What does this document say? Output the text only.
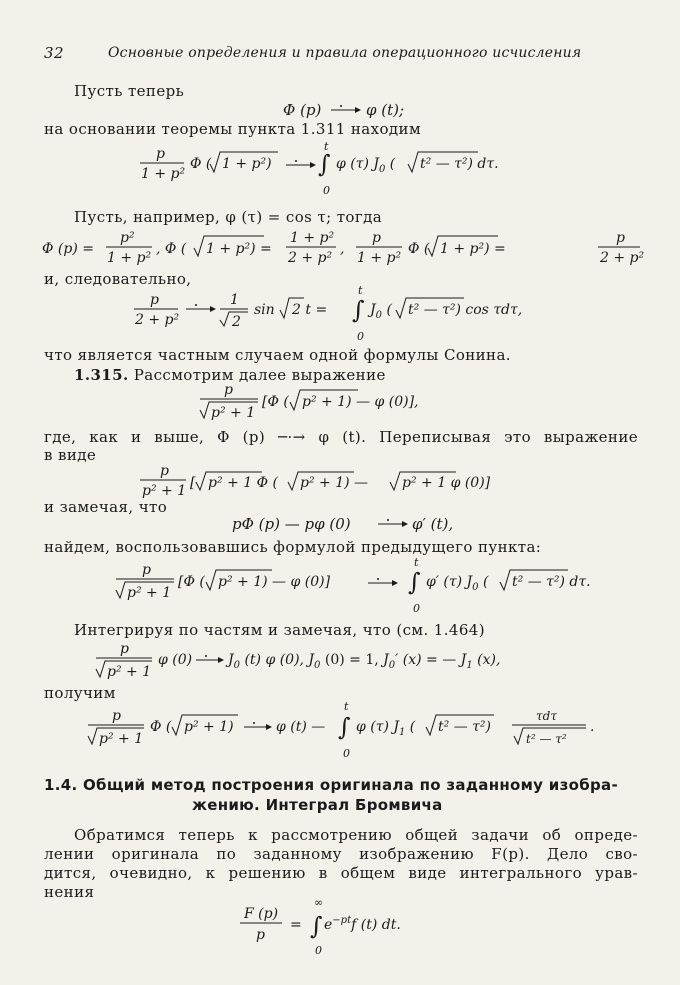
32	Основные определения и правила операционного исчисления
Пусть теперь
Φ (p)	φ (t);
на основании теоремы пункта 1.311 находим
p
1 + p²
Φ ( 1 + p²)
t
∫
0
φ (τ) $J_0$ ( t² — τ²) dτ.
Пусть, например, φ (τ) = cos τ; тогда
Φ (p) =
p²
1 + p²
, Φ ( 1 + p²) =
1 + p²
2 + p²
,
p
1 + p²
Φ ( 1 + p²) =
p
2 + p²
и, следовательно,
p
2 + p²
1
2
sin 2 t =
t
∫
0
$J_0$ ( t² — τ²) cos τdτ,
что является частным случаем одной формулы Сонина.
1.315. Рассмотрим далее выражение
p
p² + 1
[Φ ( p² + 1) — φ (0)],
где, как и выше, Φ (p) ─·→ φ (t). Переписывая это выражение
в виде
p
p² + 1 [ p² + 1 Φ ( p² + 1) — p² + 1 φ (0)]
и замечая, что
pΦ (p) — pφ (0)	φ′ (t),
найдем, воспользовавшись формулой предыдущего пункта:
p
p² + 1
[Φ ( p² + 1) — φ (0)]
t
∫
0
φ′ (τ) $J_0$ ( t² — τ²) dτ.
Интегрируя по частям и замечая, что (см. 1.464)
p
p² + 1
φ (0)	$J_0$ (t) φ (0), $J_0$ (0) = 1, $J_0'$ (x) = — $J_1$ (x),
получим
p
p² + 1
Φ ( p² + 1)	φ (t) —
t
∫
0
φ (τ) $J_1$ ( t² — τ²)
τdτ
t² — τ²
.
1.4. Общий метод построения оригинала по заданному изобра-
жению. Интеграл Бромвича
Обратимся теперь к рассмотрению общей задачи об опреде-
лении оригинала по заданному изображению F(p). Дело сво-
дится, очевидно, к решению в общем виде интегрального урав-
нения
F (p)
p
=
∞
∫
0
$e^{-pt}f$ (t) dt.
